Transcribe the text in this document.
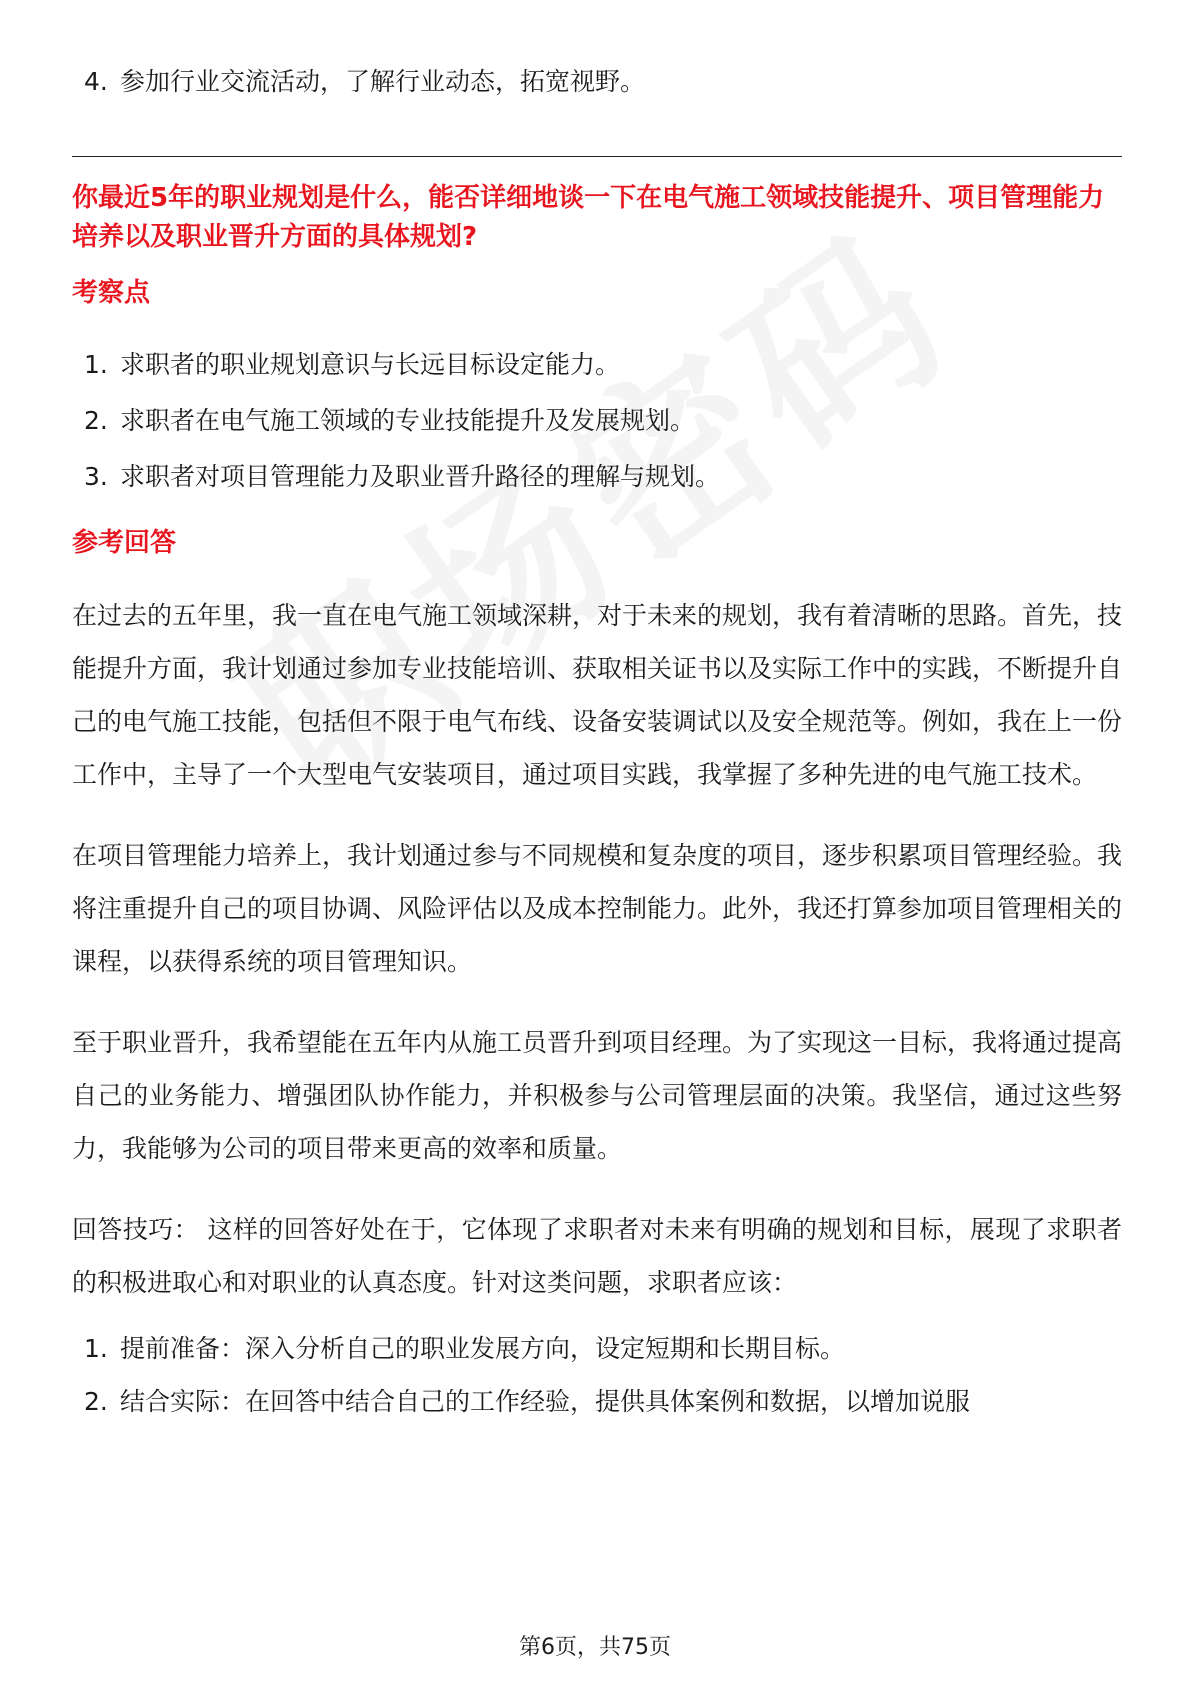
4. 参加行业交流活动，了解行业动态，拓宽视野。
你最近5年的职业规划是什么，能否详细地谈一下在电气施工领域技能提升、项目管理能力培养以及职业晋升方面的具体规划?
考察点
1. 求职者的职业规划意识与长远目标设定能力。
2. 求职者在电气施工领域的专业技能提升及发展规划。
3. 求职者对项目管理能力及职业晋升路径的理解与规划。
参考回答
在过去的五年里，我一直在电气施工领域深耕，对于未来的规划，我有着清晰的思路。首先，技能提升方面，我计划通过参加专业技能培训、获取相关证书以及实际工作中的实践，不断提升自己的电气施工技能，包括但不限于电气布线、设备安装调试以及安全规范等。例如，我在上一份工作中，主导了一个大型电气安装项目，通过项目实践，我掌握了多种先进的电气施工技术。
在项目管理能力培养上，我计划通过参与不同规模和复杂度的项目，逐步积累项目管理经验。我将注重提升自己的项目协调、风险评估以及成本控制能力。此外，我还打算参加项目管理相关的课程，以获得系统的项目管理知识。
至于职业晋升，我希望能在五年内从施工员晋升到项目经理。为了实现这一目标，我将通过提高自己的业务能力、增强团队协作能力，并积极参与公司管理层面的决策。我坚信，通过这些努力，我能够为公司的项目带来更高的效率和质量。
回答技巧： 这样的回答好处在于，它体现了求职者对未来有明确的规划和目标，展现了求职者的积极进取心和对职业的认真态度。针对这类问题，求职者应该：
1. 提前准备：深入分析自己的职业发展方向，设定短期和长期目标。
2. 结合实际：在回答中结合自己的工作经验，提供具体案例和数据，以增加说服
第6页，共75页
